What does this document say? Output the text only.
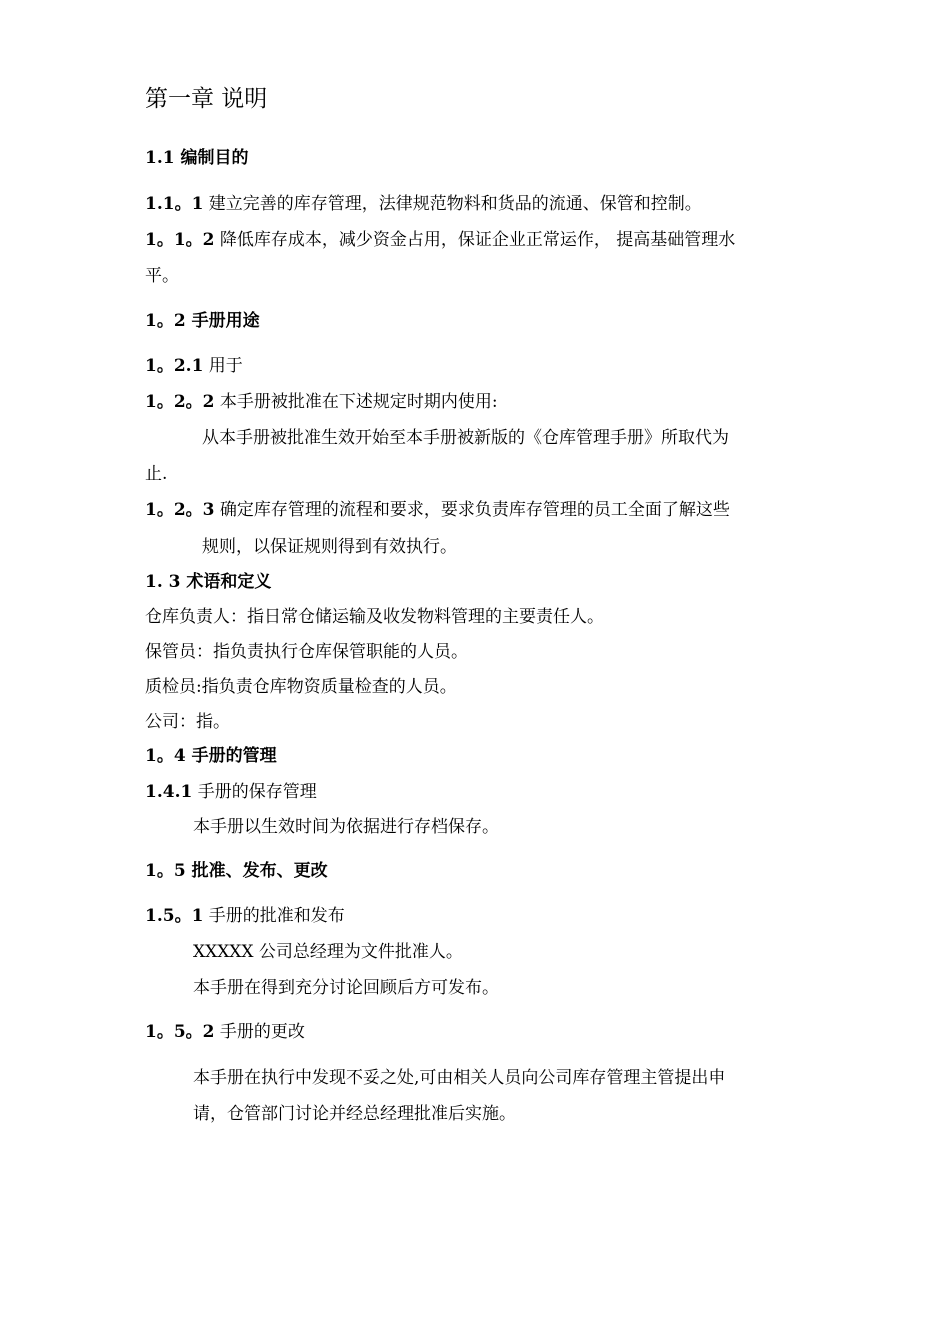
第一章 说明
1.1 编制目的
1.1。1 建立完善的库存管理，法律规范物料和货品的流通、保管和控制。
1。1。2 降低库存成本，减少资金占用，保证企业正常运作， 提高基础管理水
平。
1。2 手册用途
1。2.1 用于
1。2。2 本手册被批准在下述规定时期内使用:
从本手册被批准生效开始至本手册被新版的《仓库管理手册》所取代为
止.
1。2。3 确定库存管理的流程和要求，要求负责库存管理的员工全面了解这些
规则，以保证规则得到有效执行。
1. 3 术语和定义
仓库负责人：指日常仓储运输及收发物料管理的主要责任人。
保管员：指负责执行仓库保管职能的人员。
质检员:指负责仓库物资质量检查的人员。
公司：指。
1。4 手册的管理
1.4.1 手册的保存管理
本手册以生效时间为依据进行存档保存。
1。5 批准、发布、更改
1.5。1 手册的批准和发布
XXXXX 公司总经理为文件批准人。
本手册在得到充分讨论回顾后方可发布。
1。5。2 手册的更改
本手册在执行中发现不妥之处,可由相关人员向公司库存管理主管提出申
请，仓管部门讨论并经总经理批准后实施。
